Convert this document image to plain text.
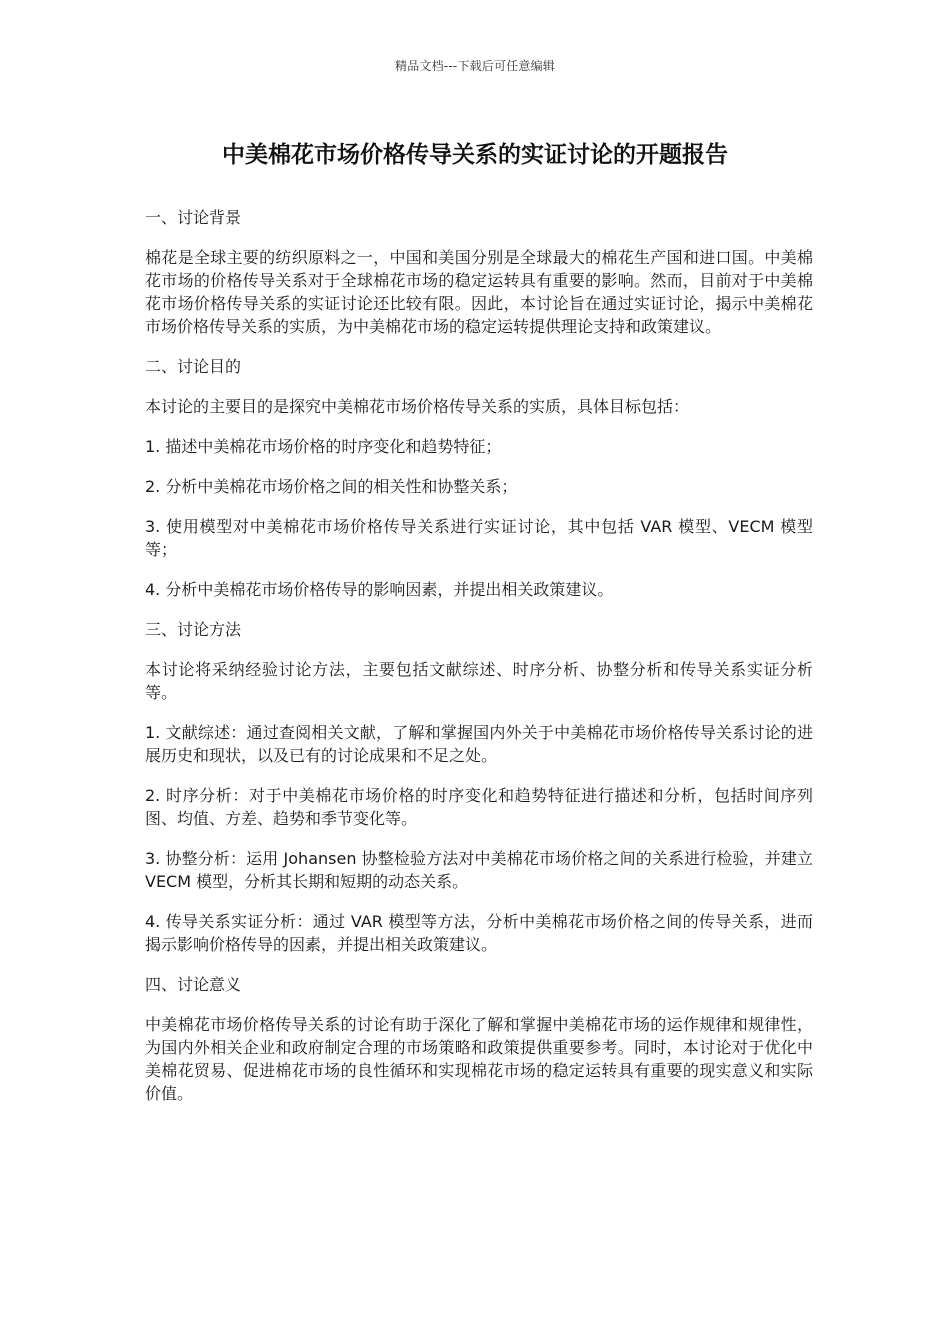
精品文档---下载后可任意编辑
中美棉花市场价格传导关系的实证讨论的开题报告

一、讨论背景

棉花是全球主要的纺织原料之一，中国和美国分别是全球最大的棉花生产国和进口国。中美棉花市场的价格传导关系对于全球棉花市场的稳定运转具有重要的影响。然而，目前对于中美棉花市场价格传导关系的实证讨论还比较有限。因此，本讨论旨在通过实证讨论，揭示中美棉花市场价格传导关系的实质，为中美棉花市场的稳定运转提供理论支持和政策建议。

二、讨论目的

本讨论的主要目的是探究中美棉花市场价格传导关系的实质，具体目标包括：

1. 描述中美棉花市场价格的时序变化和趋势特征；

2. 分析中美棉花市场价格之间的相关性和协整关系；

3. 使用模型对中美棉花市场价格传导关系进行实证讨论，其中包括 VAR 模型、VECM 模型等；

4. 分析中美棉花市场价格传导的影响因素，并提出相关政策建议。

三、讨论方法

本讨论将采纳经验讨论方法，主要包括文献综述、时序分析、协整分析和传导关系实证分析等。

1. 文献综述：通过查阅相关文献，了解和掌握国内外关于中美棉花市场价格传导关系讨论的进展历史和现状，以及已有的讨论成果和不足之处。

2. 时序分析：对于中美棉花市场价格的时序变化和趋势特征进行描述和分析，包括时间序列图、均值、方差、趋势和季节变化等。

3. 协整分析：运用 Johansen 协整检验方法对中美棉花市场价格之间的关系进行检验，并建立 VECM 模型，分析其长期和短期的动态关系。

4. 传导关系实证分析：通过 VAR 模型等方法，分析中美棉花市场价格之间的传导关系，进而揭示影响价格传导的因素，并提出相关政策建议。

四、讨论意义

中美棉花市场价格传导关系的讨论有助于深化了解和掌握中美棉花市场的运作规律和规律性，为国内外相关企业和政府制定合理的市场策略和政策提供重要参考。同时，本讨论对于优化中美棉花贸易、促进棉花市场的良性循环和实现棉花市场的稳定运转具有重要的现实意义和实际价值。
